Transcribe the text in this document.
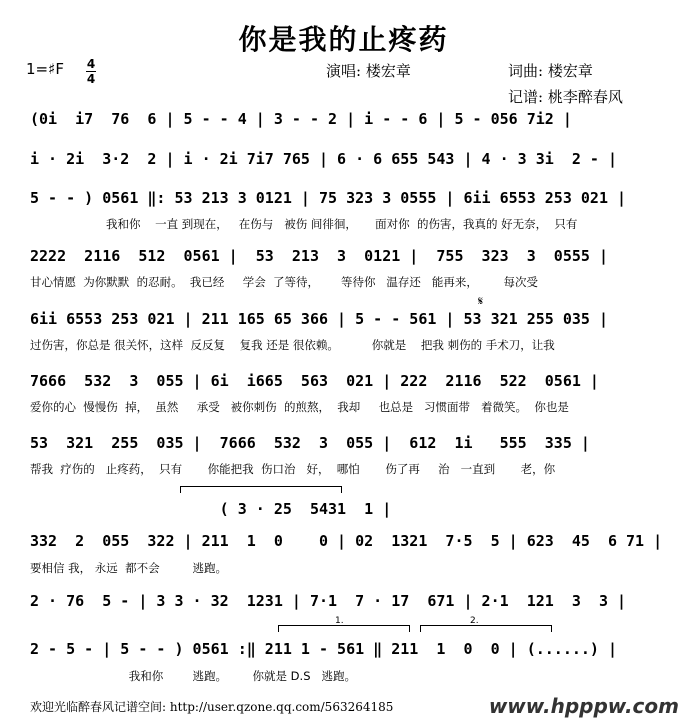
你是我的止疼药
1=♯F 4
4	演唱: 楼宏章	词曲: 楼宏章
记谱: 桃李醉春风
(0i  i7  76  6 | 5 - - 4 | 3 - - 2 | i - - 6 | 5 - 056 7i2 |
i · 2i  3·2  2 | i · 2i 7i7 765 | 6 · 6 655 543 | 4 · 3 3i  2 - |
5 - - ) 0561 ‖: 53 213 3 0121 | 75 323 3 0555 | 6ii 6553 253 021 |
我和你    一直 到现在，   在伤与   被伤 间徘徊，     面对你  的伤害，我真的 好无奈，  只有
2222  2116  512  0561 |  53  213  3  0121 |  755  323  3  0555 |
甘心情愿  为你默默  的忍耐。  我已经     学会  了等待，      等待你   温存还   能再来，       每次受
𝄋
6ii 6553 253 021 | 211 165 65 366 | 5 - - 561 | 53 321 255 035 |
过伤害，你总是 很关怀，这样  反反复    复我 还是 很依赖。         你就是    把我 刺伤的 手术刀，让我
7666  532  3  055 | 6i  i665  563  021 | 222  2116  522  0561 |
爱你的心  慢慢伤  掉，  虽然     承受   被你刺伤  的煎熬，  我却     也总是   习惯面带   着微笑。  你也是
53  321  255  035 |  7666  532  3  055 |  612  1i   555  335 |
帮我  疗伤的   止疼药，  只有       你能把我  伤口治   好，  哪怕       伤了再     治   一直到       老，你
( 3 · 25  5431  1 |
332  2  055  322 | 211  1  0    0 | 02  1321  7·5  5 | 623  45  6 71 |
要相信 我， 永远  都不会         逃跑。
2 · 76  5 - | 3 3 · 32  1231 | 7·1  7 · 17  671 | 2·1  121  3  3 |
1.	2.
2 - 5 - | 5 - - ) 0561 :‖ 211 1 - 561 ‖ 211  1  0  0 | (......) |
我和你        逃跑。       你就是 D.S   逃跑。
欢迎光临醉春风记谱空间: http://user.qzone.qq.com/563264185	www.hpppw.com
